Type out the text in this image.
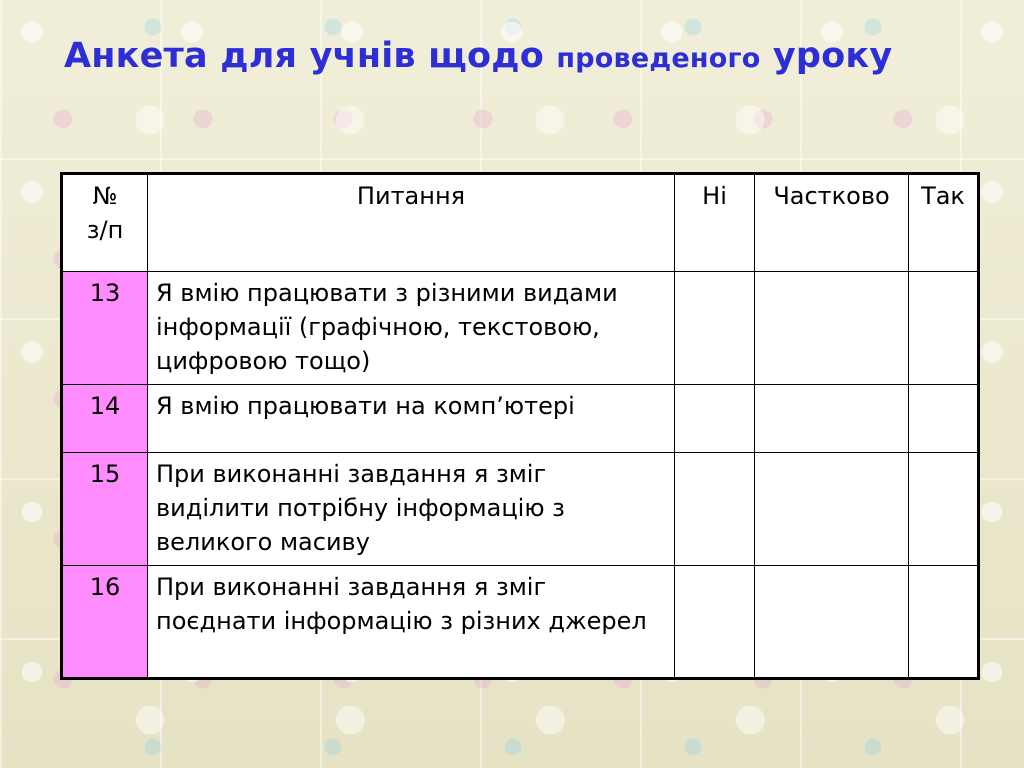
Анкета для учнів щодо проведеного уроку
№ з/п	Питання	Ні	Частково	Так
13	Я вмію працювати з різними видами інформації (графічною, текстовою, цифровою тощо)			
14	Я вмію працювати на комп’ютері			
15	При виконанні завдання я зміг виділити потрібну інформацію з великого масиву			
16	При виконанні завдання я зміг поєднати інформацію з різних джерел			
